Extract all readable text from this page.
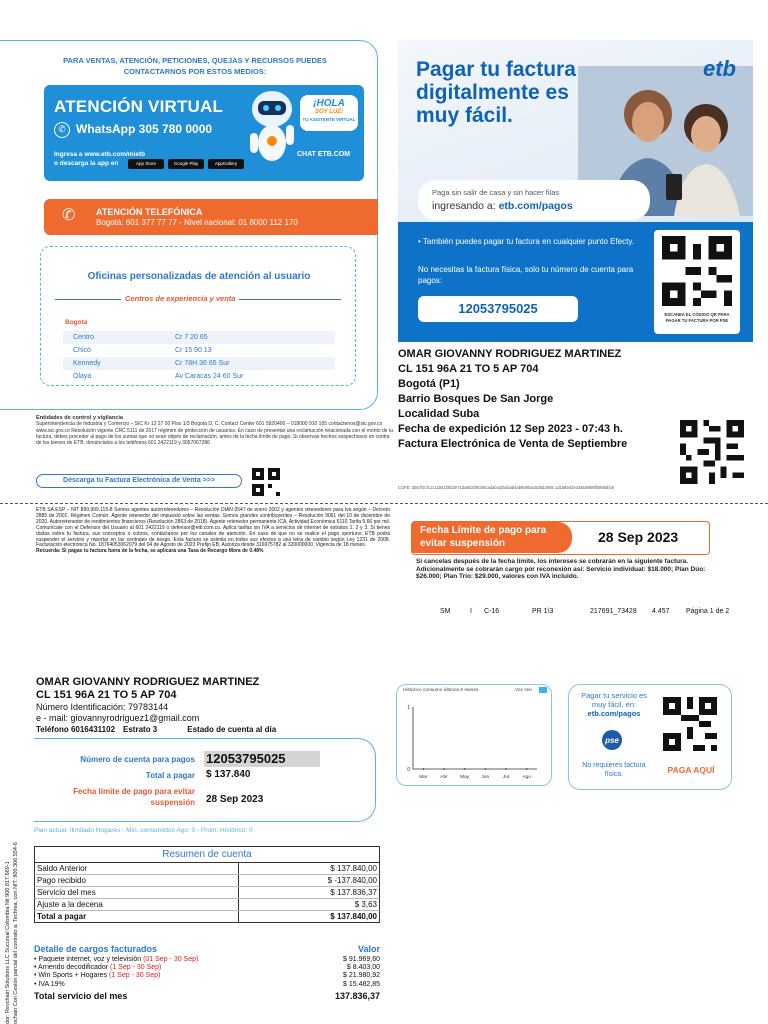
PARA VENTAS, ATENCIÓN, PETICIONES, QUEJAS Y RECURSOS PUEDES CONTACTARNOS POR ESTOS MEDIOS:
ATENCIÓN VIRTUAL
✆ WhatsApp 305 780 0000
Ingresa a www.etb.com/mietb
o descarga la app en	App Store	Google Play	AppGallery
¡HOLA
SOY LUZ!
TU ASISTENTE VIRTUAL
CHAT ETB.COM
✆ ATENCIÓN TELEFÓNICA
Bogotá: 601 377 77 77 - Nivel nacional: 01 8000 112 170
Oficinas personalizadas de atención al usuario
Centros de experiencia y venta
Bogotá
Centro	Cr 7 20 65
Chicó	Cr 15 90 13
Kennedy	Cr 78H 36 65 Sur
Olaya	Av Caracas 24 60 Sur
Entidades de control y vigilancia
Superintendencia de Industria y Comercio – SIC Kr 13 27 00 Piso 1/3 Bogotá D. C. Contact Center 601 5920400 – 018000 910 165 contactenos@sic.gov.co www.sic.gov.co Resolución vigente CRC 5111 de 2017 régimen de protección de usuarios. En caso de presentar una reclamación relacionada con el monto de tu factura, debes proceder al pago de los sumas que no sean objeto de reclamación, antes de la fecha límite de pago. Si observas hechos sospechosos en contra de los bienes de ETB, denúncialos a los teléfonos 601 2422119 y 3057067286
Descarga tu Factura Electrónica de Venta >>>
Pagar tu factura digitalmente es muy fácil.
etb
Paga sin salir de casa y sin hacer filas
ingresando a: etb.com/pagos
• También puedes pagar tu factura en cualquier punto Efecty.
No necesitas la factura física, solo tu número de cuenta para pagos:
12053795025	ESCANEA EL CÓDIGO QR PARA PAGAR TU FACTURA POR PSE
OMAR GIOVANNY RODRIGUEZ MARTINEZ
CL 151 96A 21 TO 5 AP 704
Bogotá (P1)
Barrio Bosques De San Jorge
Localidad Suba
Fecha de expedición 12 Sep 2023 - 07:43 h.
Factura Electrónica de Venta de Septiembre
CUFE: 2b57f2cfc1c11b51f3fd2e71da822b0030cadab41f54dab4ab806ba1825d2605 1d156b02e43819859fb059dbc8
ETB SA ESP – NIT 899.999.115-8 Somos agentes autorretenedores – Resolución DIAN 0547 de enero 2002 y agentes retenedores para Iva según – Decreto 2885 de 2001. Régimen Común. Agente retenedor del impuesto sobre las ventas. Somos grandes contribuyentes – Resolución 9061 del 10 de diciembre de 2020. Autorretenedor de rendimientos financieros (Resolución 2863 de 2018). Agente retenedor permanente ICA, Actividad Económica 6110 Tarifa 9,66 por mil. Comunícate con el Defensor del Usuario al 601 2422119 o defensor@etb.com.co. Aplica tarifas sin IVA a servicios de internet de estratos 1, 2 y 3. Si tienes dudas sobre tu factura, sus conceptos o cobros, contáctanos por los canales de atención. En caso de que no se realice el pago oportuno, ETB podrá suspender el servicio y reportar en las centrales de riesgo. Esta factura se asimila en todos sus efectos a una letra de cambio según Ley 1231 de 2008. Facturación electrónica No. 18764053062079 del 04 de Agosto de 2023 Prefijo EB, Autoriza desde 316975782 al 320000000. Vigencia de 18 meses.
Recuerda: Si pagas tu factura fuera de la fecha, se aplicará una Tasa de Recargo Mora de 0.48%
Fecha Límite de pago para evitar suspensión	28 Sep 2023
Si cancelas después de la fecha límite, los intereses se cobrarán en la siguiente factura. Adicionalmente se cobrarán cargo por reconexión así: Servicio individual: $18.000; Plan Dúo: $26.000; Plan Trío: $29.000, valores con IVA incluido.
SM	I	C-16	PR 1\3	217691_73428	4.457	Página 1 de 2
OMAR GIOVANNY RODRIGUEZ MARTINEZ
CL 151 96A 21 TO 5 AP 704
Número Identificación: 79783144
e - mail: giovannyrodriguez1@gmail.com
Teléfono 6016431102 Estrato 3	Estado de cuenta al día
Número de cuenta para pagos 12053795025
Total a pagar $ 137.840
Fecha límite de pago para evitar suspensión 28 Sep 2023
Plan actual: Ilimitado Hogares - Min. consumidos Ago: 0 - Prom. Histórico: 0
Resumen de cuenta
Saldo Anterior	$ 137.840,00
Pago recibido	$ -137.840,00
Servicio del mes	$ 137.836,37
Ajuste a la decena	$ 3,63
Total a pagar	$ 137.840,00
Detalle de cargos facturados	Valor
• Paquete internet, voz y televisión (01 Sep - 30 Sep)	$ 91.969,60
• Arriendo decodificador (1 Sep - 30 Sep)	$ 8.403,00
• Win Sports + Hogares (1 Sep - 30 Sep)	$ 21.980,92
• IVA 19%	$ 15.482,85
Total servicio del mes	137.836,37
dor: Revchain Solutions LLC Sucursal Colombia Nit 900.817.669-1 ochain Con Cesión parcial del contrato a: Techrea, con NIT: 900.306.554-6
Histórico consumo últimos 6 meses	Voz min
0
1
Mar	Abr	May	Jun	Jul	Ago
Pagar tu servicio es muy fácil, en: etb.com/pagos
pse
No requieres factura física.	PAGA AQUÍ
